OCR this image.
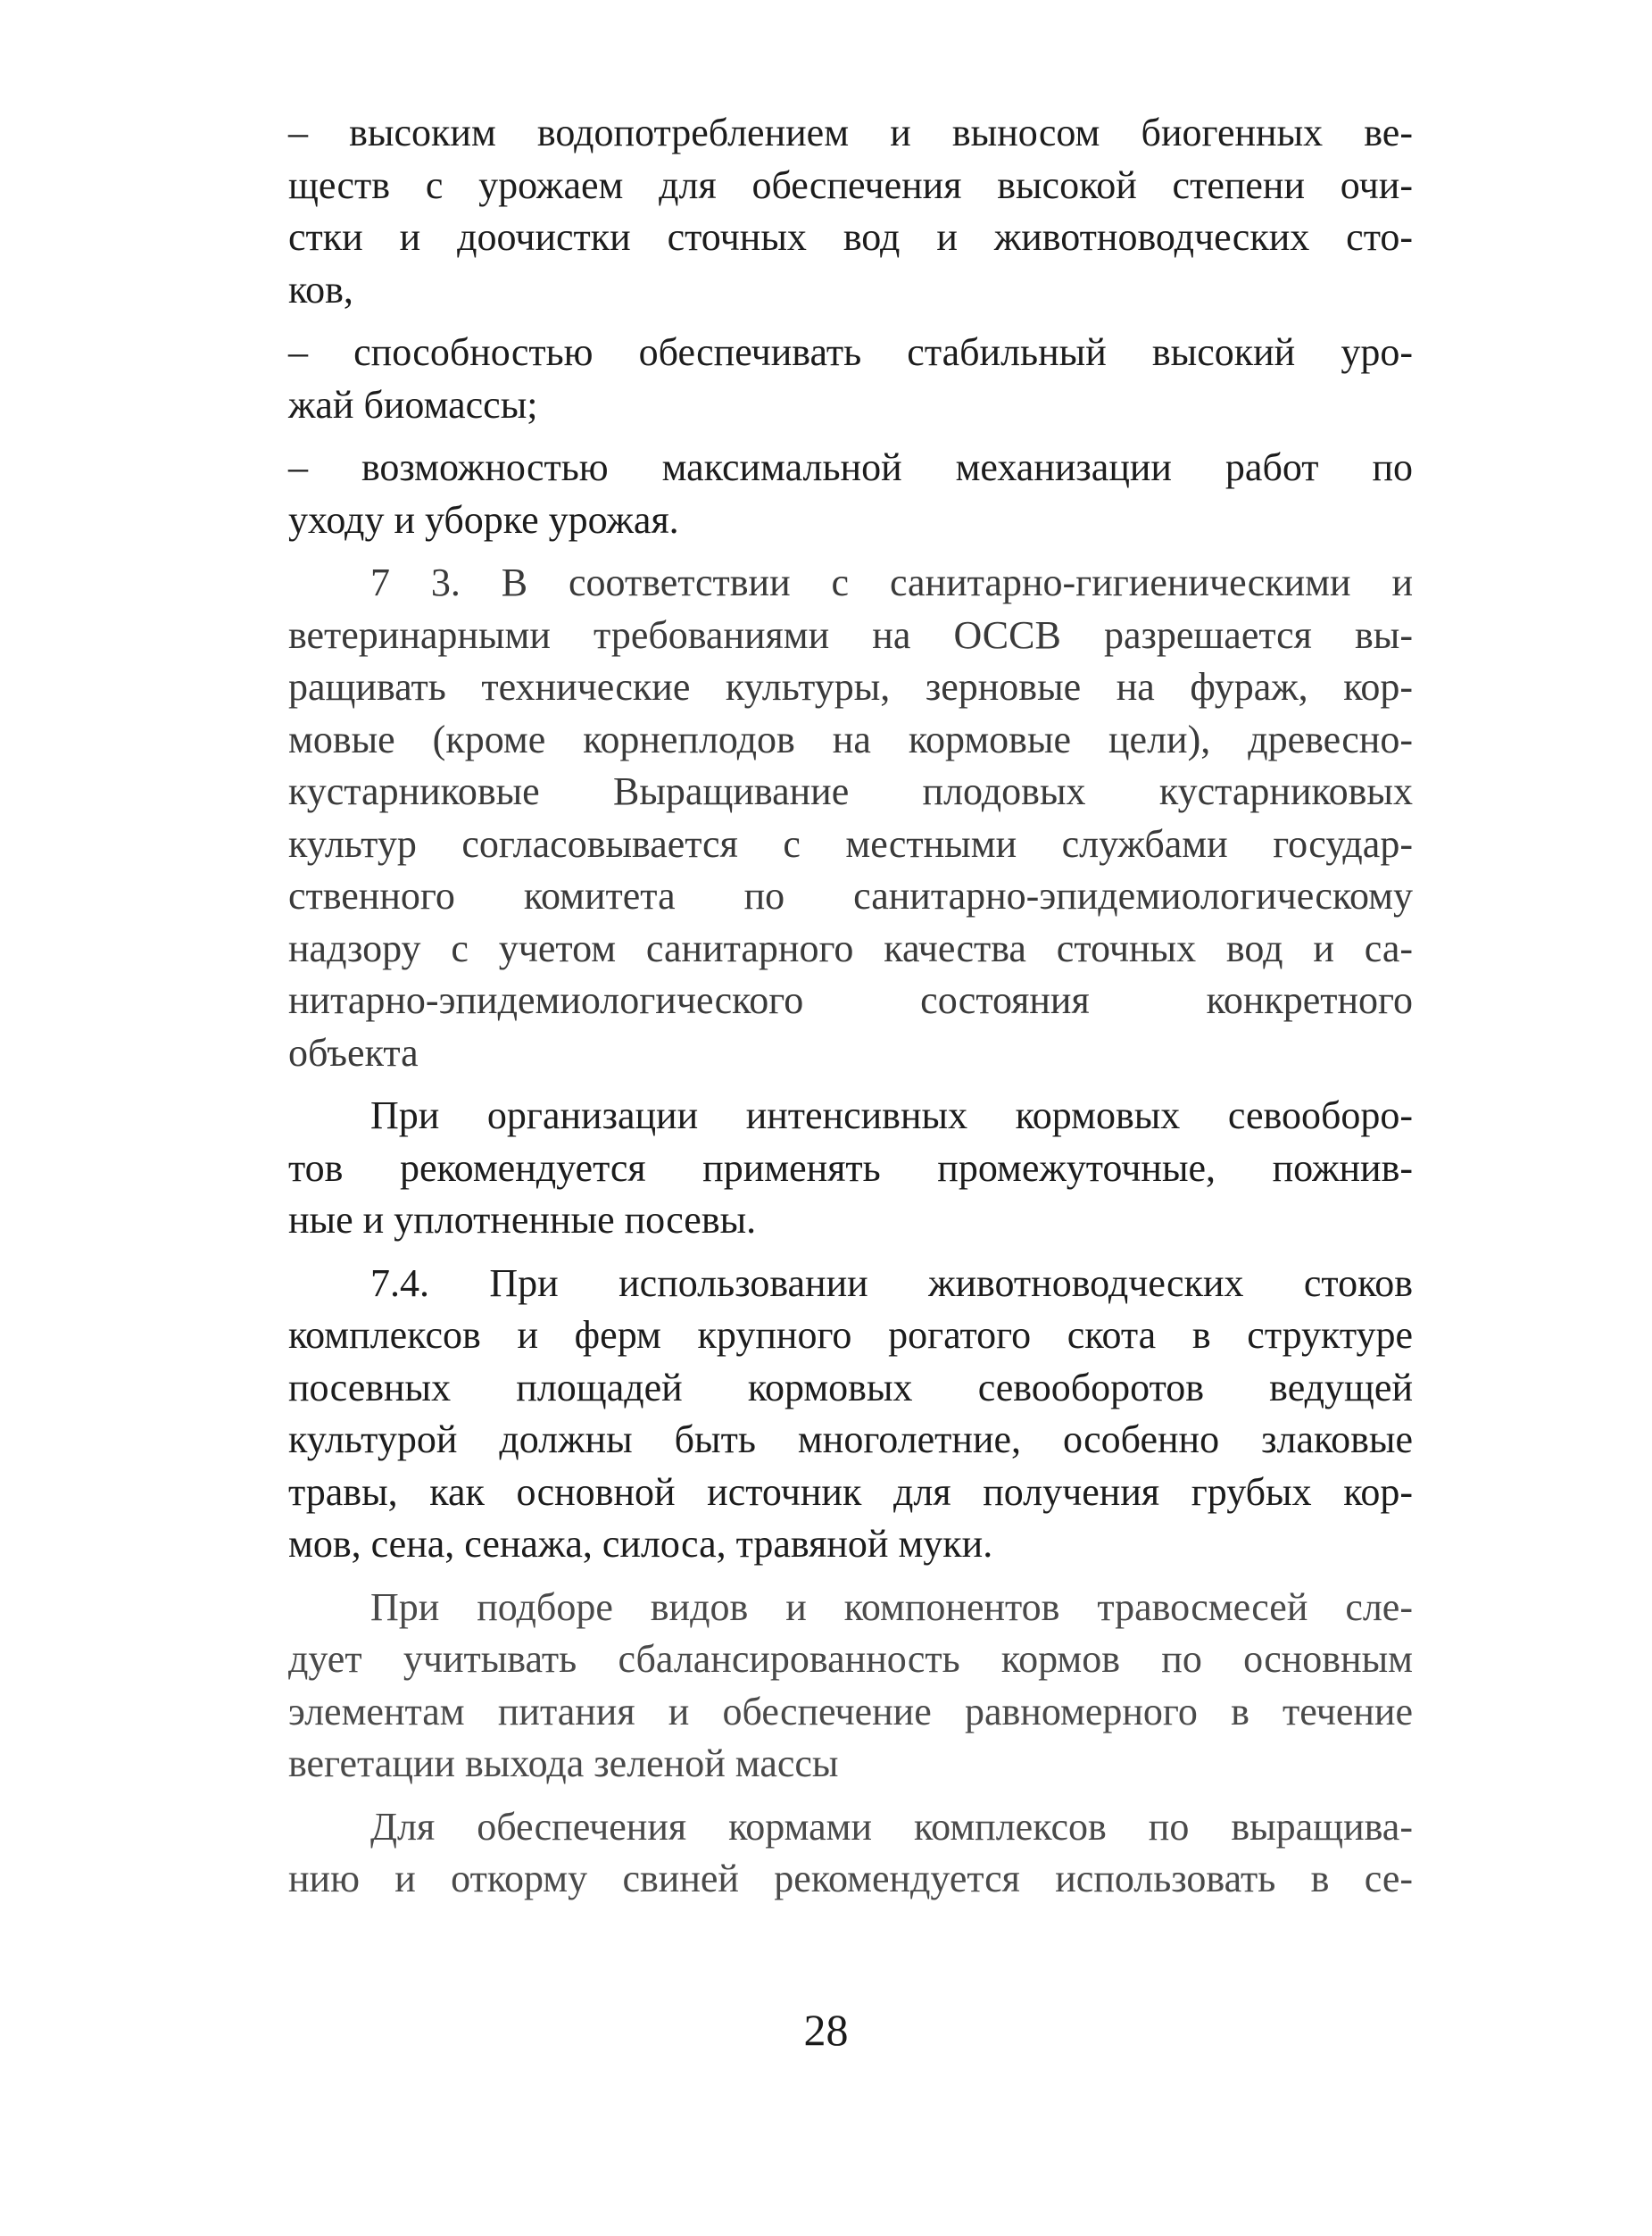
– высоким водопотреблением и выносом биогенных ве-
ществ с урожаем для обеспечения высокой степени очи-
стки и доочистки сточных вод и животноводческих сто-
ков,
– способностью обеспечивать стабильный высокий уро-
жай биомассы;
– возможностью максимальной механизации работ по
уходу и уборке урожая.
7 3. В соответствии с санитарно-гигиеническими и
ветеринарными требованиями на ОССВ разрешается вы-
ращивать технические культуры, зерновые на фураж, кор-
мовые (кроме корнеплодов на кормовые цели), древесно-
кустарниковые Выращивание плодовых кустарниковых
культур согласовывается с местными службами государ-
ственного комитета по санитарно-эпидемиологическому
надзору с учетом санитарного качества сточных вод и са-
нитарно-эпидемиологического состояния конкретного
объекта
При организации интенсивных кормовых севооборо-
тов рекомендуется применять промежуточные, пожнив-
ные и уплотненные посевы.
7.4. При использовании животноводческих стоков
комплексов и ферм крупного рогатого скота в структуре
посевных площадей кормовых севооборотов ведущей
культурой должны быть многолетние, особенно злаковые
травы, как основной источник для получения грубых кор-
мов, сена, сенажа, силоса, травяной муки.
При подборе видов и компонентов травосмесей сле-
дует учитывать сбалансированность кормов по основным
элементам питания и обеспечение равномерного в течение
вегетации выхода зеленой массы
Для обеспечения кормами комплексов по выращива-
нию и откорму свиней рекомендуется использовать в се-
28
